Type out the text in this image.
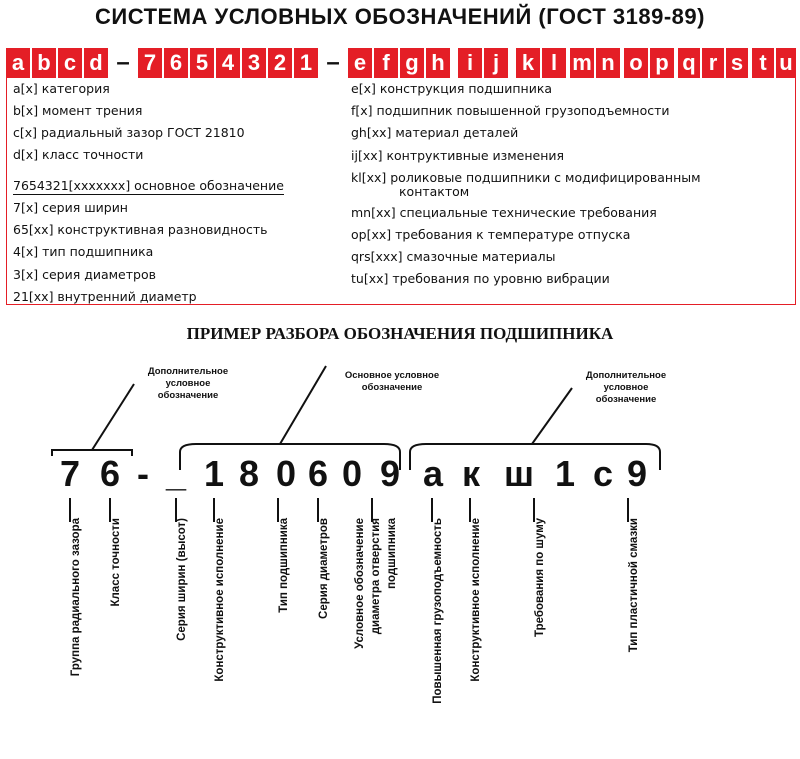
СИСТЕМА УСЛОВНЫХ ОБОЗНАЧЕНИЙ (ГОСТ 3189-89)
a b c d – 7 6 5 4 3 2 1 – e f g h	i j	k l m n o p q r s t u
a[x] категория
b[x] момент трения
c[x] радиальный зазор ГОСТ 21810
d[x] класс точности
7654321[xxxxxxx] основное обозначение
7[x] серия ширин
65[xx] конструктивная разновидность
4[x] тип подшипника
3[x] серия диаметров
21[xx] внутренний диаметр
e[x] конструкция подшипника
f[x] подшипник повышенной грузоподъемности
gh[xx] материал деталей
ij[xx] контруктивные изменения
kl[xx] роликовые подшипники с модифицированным
контактом
mn[xx] специальные технические требования
op[xx] требования к температуре отпуска
qrs[xxx] смазочные материалы
tu[xx] требования по уровню вибрации
ПРИМЕР РАЗБОРА ОБОЗНАЧЕНИЯ ПОДШИПНИКА
Дополнительное
условное
обозначение
Основное условное
обозначение
Дополнительное
условное
обозначение
7 6 - _ 1 8 0 6 0 9 а к ш 1 с 9
Группа радиального зазора Класс точности	Серия ширин (высот) Конструктивное исполнение	Тип подшипника Серия диаметров Условное обозначение диаметра отверстия подшипника	Повышенная грузоподъемность Конструктивное исполнение	Требования по шуму	Тип пластичной смазки
